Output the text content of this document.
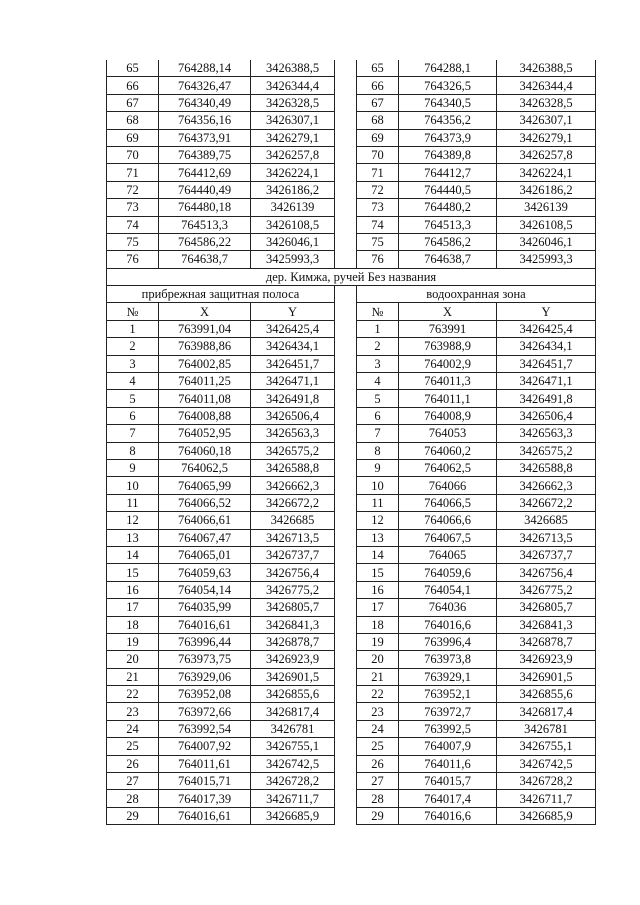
65	764288,14	3426388,5		65	764288,1	3426388,5
66	764326,47	3426344,4		66	764326,5	3426344,4
67	764340,49	3426328,5		67	764340,5	3426328,5
68	764356,16	3426307,1		68	764356,2	3426307,1
69	764373,91	3426279,1		69	764373,9	3426279,1
70	764389,75	3426257,8		70	764389,8	3426257,8
71	764412,69	3426224,1		71	764412,7	3426224,1
72	764440,49	3426186,2		72	764440,5	3426186,2
73	764480,18	3426139		73	764480,2	3426139
74	764513,3	3426108,5		74	764513,3	3426108,5
75	764586,22	3426046,1		75	764586,2	3426046,1
76	764638,7	3425993,3		76	764638,7	3425993,3
дер. Кимжа, ручей Без названия						
прибрежная защитная полоса				водоохранная зона		
№	X	Y		№	X	Y
1	763991,04	3426425,4		1	763991	3426425,4
2	763988,86	3426434,1		2	763988,9	3426434,1
3	764002,85	3426451,7		3	764002,9	3426451,7
4	764011,25	3426471,1		4	764011,3	3426471,1
5	764011,08	3426491,8		5	764011,1	3426491,8
6	764008,88	3426506,4		6	764008,9	3426506,4
7	764052,95	3426563,3		7	764053	3426563,3
8	764060,18	3426575,2		8	764060,2	3426575,2
9	764062,5	3426588,8		9	764062,5	3426588,8
10	764065,99	3426662,3		10	764066	3426662,3
11	764066,52	3426672,2		11	764066,5	3426672,2
12	764066,61	3426685		12	764066,6	3426685
13	764067,47	3426713,5		13	764067,5	3426713,5
14	764065,01	3426737,7		14	764065	3426737,7
15	764059,63	3426756,4		15	764059,6	3426756,4
16	764054,14	3426775,2		16	764054,1	3426775,2
17	764035,99	3426805,7		17	764036	3426805,7
18	764016,61	3426841,3		18	764016,6	3426841,3
19	763996,44	3426878,7		19	763996,4	3426878,7
20	763973,75	3426923,9		20	763973,8	3426923,9
21	763929,06	3426901,5		21	763929,1	3426901,5
22	763952,08	3426855,6		22	763952,1	3426855,6
23	763972,66	3426817,4		23	763972,7	3426817,4
24	763992,54	3426781		24	763992,5	3426781
25	764007,92	3426755,1		25	764007,9	3426755,1
26	764011,61	3426742,5		26	764011,6	3426742,5
27	764015,71	3426728,2		27	764015,7	3426728,2
28	764017,39	3426711,7		28	764017,4	3426711,7
29	764016,61	3426685,9		29	764016,6	3426685,9
